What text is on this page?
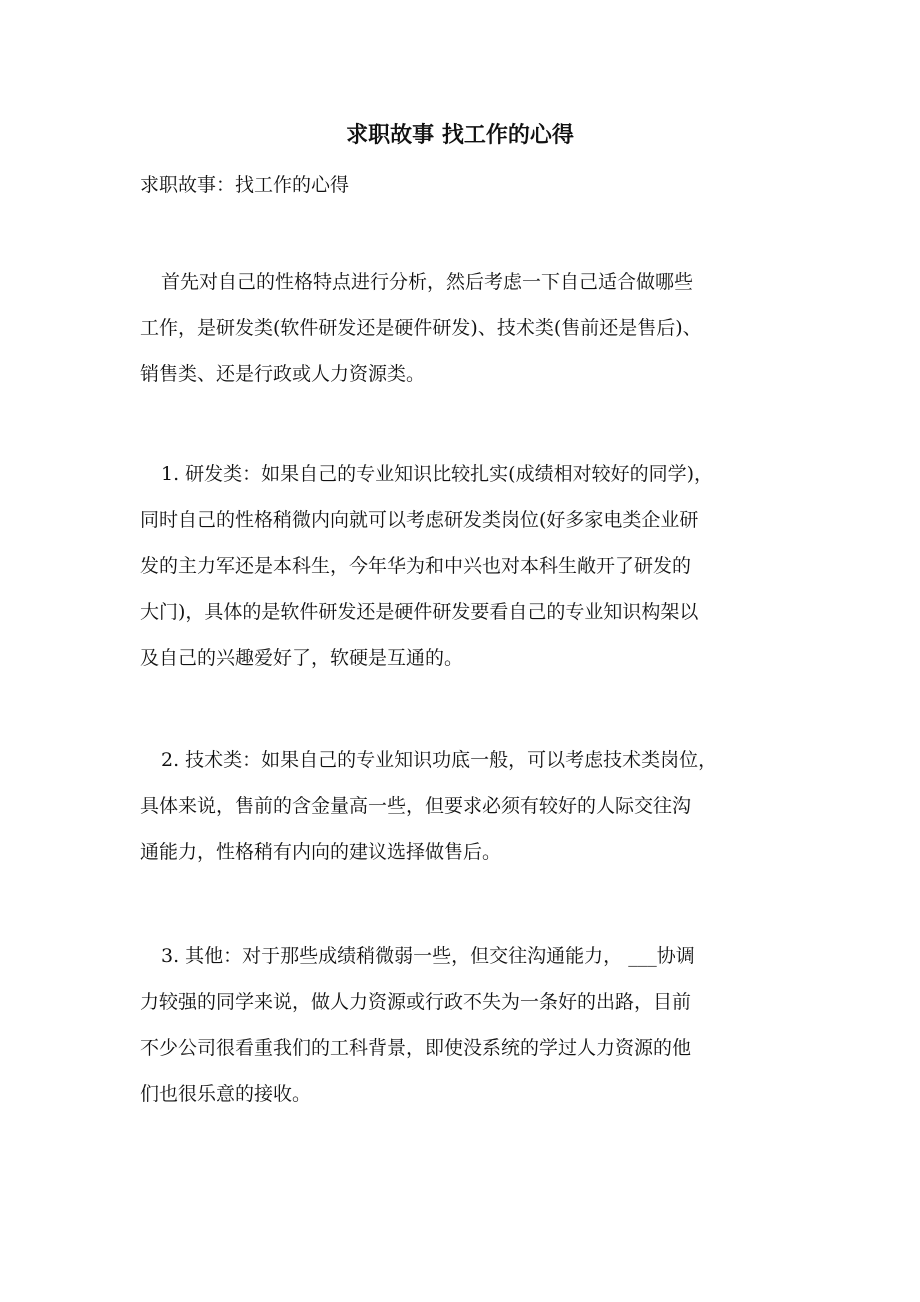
求职故事 找工作的心得
求职故事：找工作的心得
首先对自己的性格特点进行分析，然后考虑一下自己适合做哪些
工作，是研发类(软件研发还是硬件研发)、技术类(售前还是售后)、
销售类、还是行政或人力资源类。
1. 研发类：如果自己的专业知识比较扎实(成绩相对较好的同学)，
同时自己的性格稍微内向就可以考虑研发类岗位(好多家电类企业研
发的主力军还是本科生，今年华为和中兴也对本科生敞开了研发的
大门)，具体的是软件研发还是硬件研发要看自己的专业知识构架以
及自己的兴趣爱好了，软硬是互通的。
2. 技术类：如果自己的专业知识功底一般，可以考虑技术类岗位，
具体来说，售前的含金量高一些，但要求必须有较好的人际交往沟
通能力，性格稍有内向的建议选择做售后。
3. 其他：对于那些成绩稍微弱一些，但交往沟通能力， ___协调
力较强的同学来说，做人力资源或行政不失为一条好的出路，目前
不少公司很看重我们的工科背景，即使没系统的学过人力资源的他
们也很乐意的接收。
